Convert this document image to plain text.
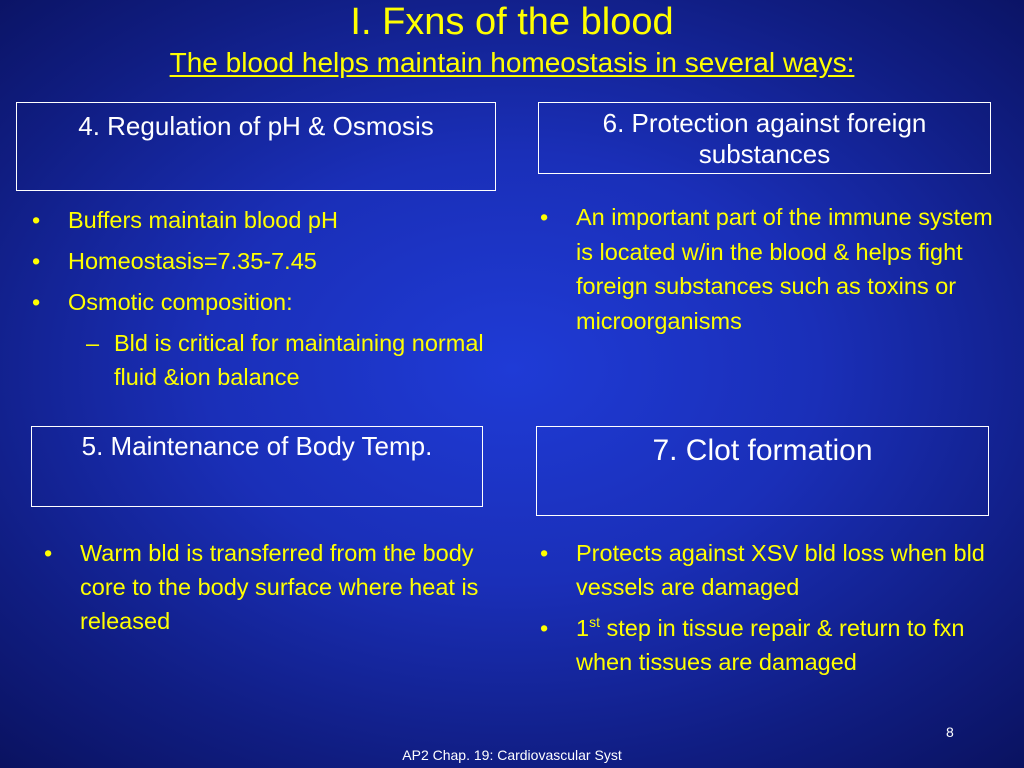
I. Fxns of the blood
The blood helps maintain homeostasis in several ways:
4. Regulation of pH & Osmosis
• Buffers maintain blood pH
• Homeostasis=7.35-7.45
• Osmotic composition:
– Bld is critical for maintaining normal fluid &ion balance
6. Protection against foreign substances
• An important part of the immune system is located w/in the blood & helps fight foreign substances such as toxins or microorganisms
5. Maintenance of Body Temp.
• Warm bld is transferred from the body core to the body surface where heat is released
7. Clot formation
• Protects against XSV bld loss when bld vessels are damaged
• 1st step in tissue repair & return to fxn when tissues are damaged
8
AP2 Chap. 19: Cardiovascular Syst
